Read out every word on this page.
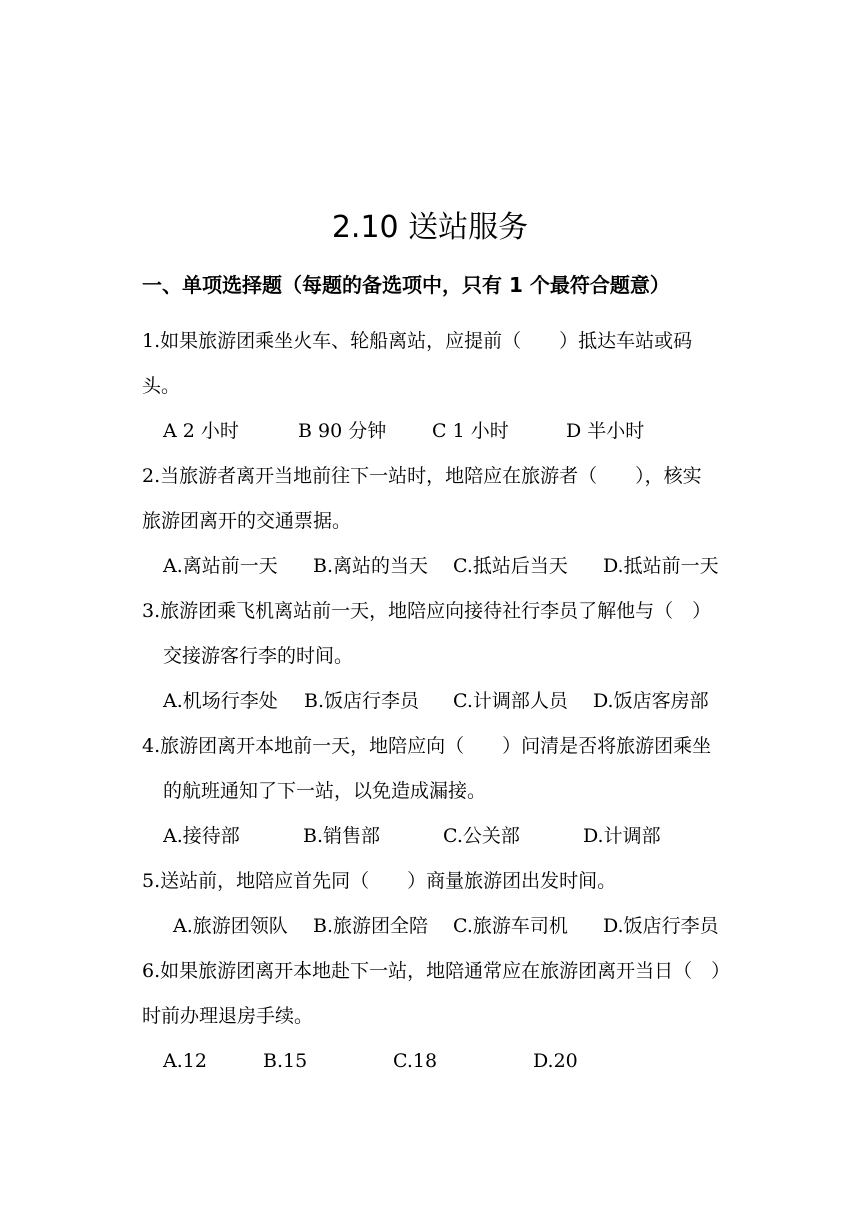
2.10 送站服务
一、单项选择题（每题的备选项中，只有 1 个最符合题意）
1.如果旅游团乘坐火车、轮船离站，应提前（　　）抵达车站或码
头。
A 2 小时	B 90 分钟 C 1 小时	D 半小时
2.当旅游者离开当地前往下一站时，地陪应在旅游者（　　），核实
旅游团离开的交通票据。
A.离站前一天 B.离站的当天 C.抵站后当天 D.抵站前一天
3.旅游团乘飞机离站前一天，地陪应向接待社行李员了解他与（　）
交接游客行李的时间。
A.机场行李处 B.饭店行李员 C.计调部人员 D.饭店客房部
4.旅游团离开本地前一天，地陪应向（　　）问清是否将旅游团乘坐
的航班通知了下一站，以免造成漏接。
A.接待部	B.销售部	C.公关部	D.计调部
5.送站前，地陪应首先同（　　）商量旅游团出发时间。
A.旅游团领队 B.旅游团全陪 C.旅游车司机 D.饭店行李员
6.如果旅游团离开本地赴下一站，地陪通常应在旅游团离开当日（　）
时前办理退房手续。
A.12	B.15	C.18	D.20
